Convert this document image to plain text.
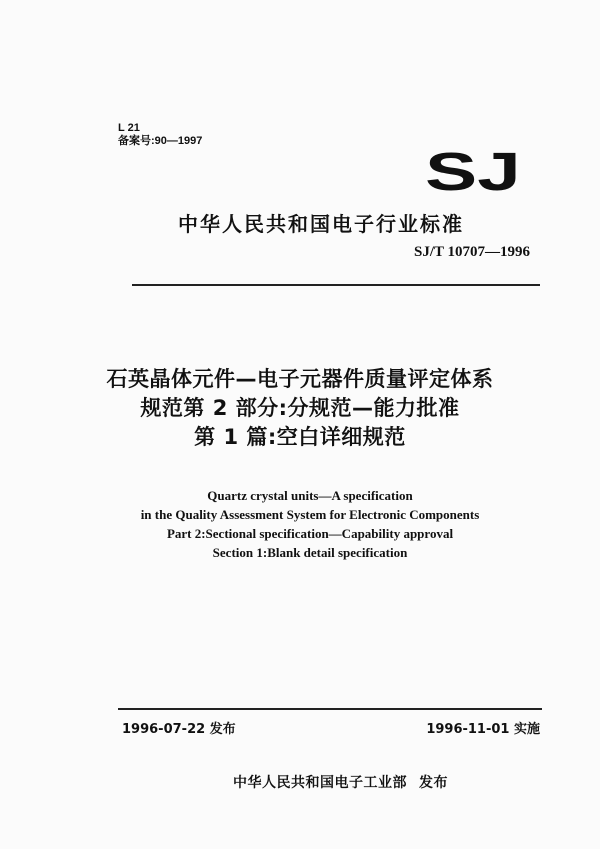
L 21
备案号:90—1997
SJ
中华人民共和国电子行业标准
SJ/T 10707—1996
石英晶体元件—电子元器件质量评定体系
规范第 2 部分:分规范—能力批准
第 1 篇:空白详细规范
Quartz crystal units—A specification
in the Quality Assessment System for Electronic Components
Part 2:Sectional specification—Capability approval
Section 1:Blank detail specification
1996-07-22 发布	1996-11-01 实施
中华人民共和国电子工业部 发布
